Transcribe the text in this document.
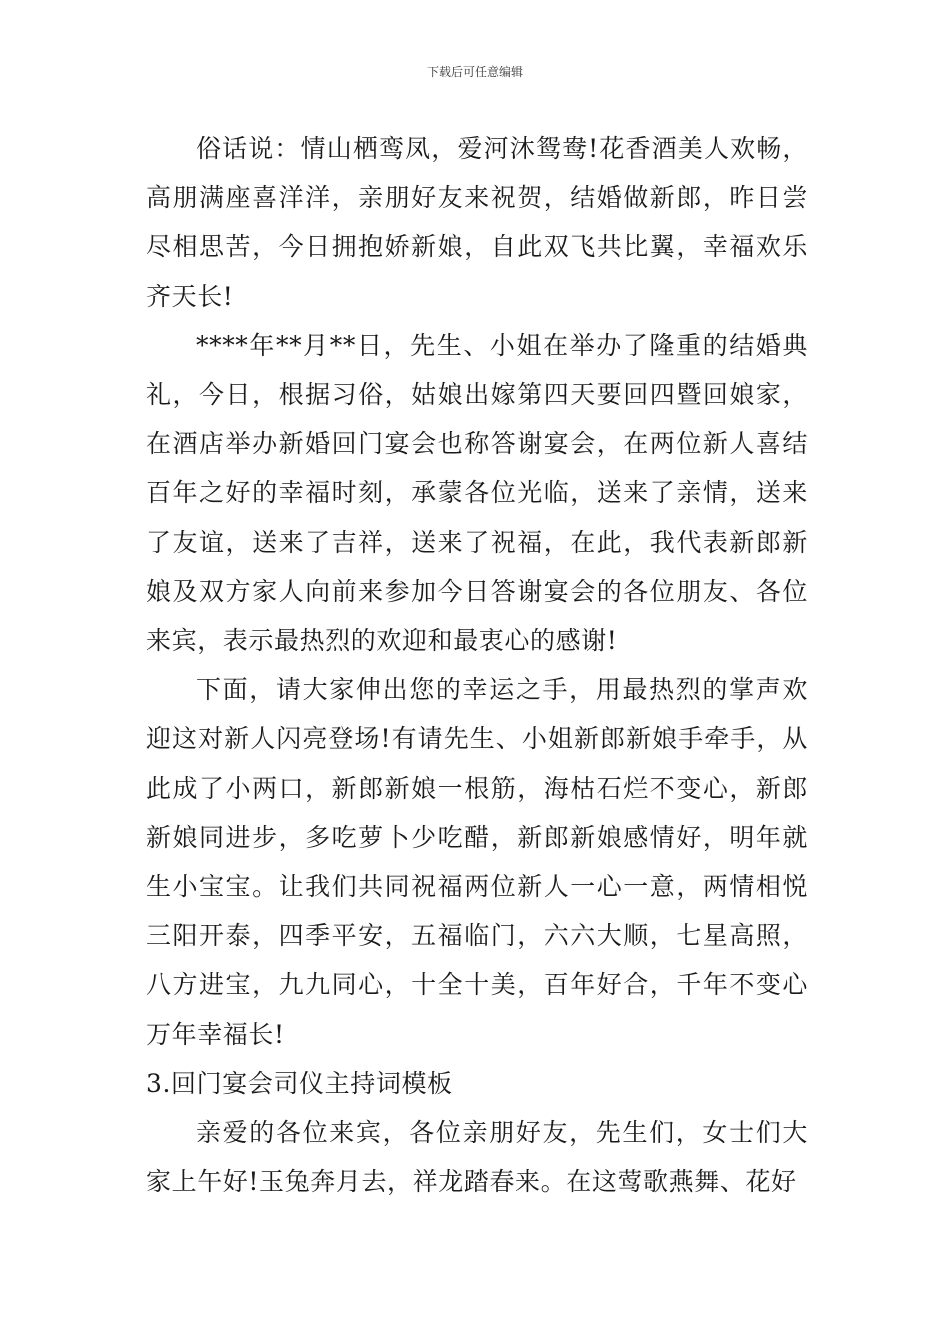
下载后可任意编辑

俗话说：情山栖鸾凤，爱河沐鸳鸯!花香酒美人欢畅，高朋满座喜洋洋，亲朋好友来祝贺，结婚做新郎，昨日尝尽相思苦，今日拥抱娇新娘，自此双飞共比翼，幸福欢乐齐天长!

****年**月**日，先生、小姐在举办了隆重的结婚典礼，今日，根据习俗，姑娘出嫁第四天要回四暨回娘家，在酒店举办新婚回门宴会也称答谢宴会，在两位新人喜结百年之好的幸福时刻，承蒙各位光临，送来了亲情，送来了友谊，送来了吉祥，送来了祝福，在此，我代表新郎新娘及双方家人向前来参加今日答谢宴会的各位朋友、各位来宾，表示最热烈的欢迎和最衷心的感谢!

下面，请大家伸出您的幸运之手，用最热烈的掌声欢迎这对新人闪亮登场!有请先生、小姐新郎新娘手牵手，从此成了小两口，新郎新娘一根筋，海枯石烂不变心，新郎新娘同进步，多吃萝卜少吃醋，新郎新娘感情好，明年就生小宝宝。让我们共同祝福两位新人一心一意，两情相悦三阳开泰，四季平安，五福临门，六六大顺，七星高照，八方进宝，九九同心，十全十美，百年好合，千年不变心万年幸福长!

3.回门宴会司仪主持词模板

亲爱的各位来宾，各位亲朋好友，先生们，女士们大家上午好!玉兔奔月去，祥龙踏春来。在这莺歌燕舞、花好
